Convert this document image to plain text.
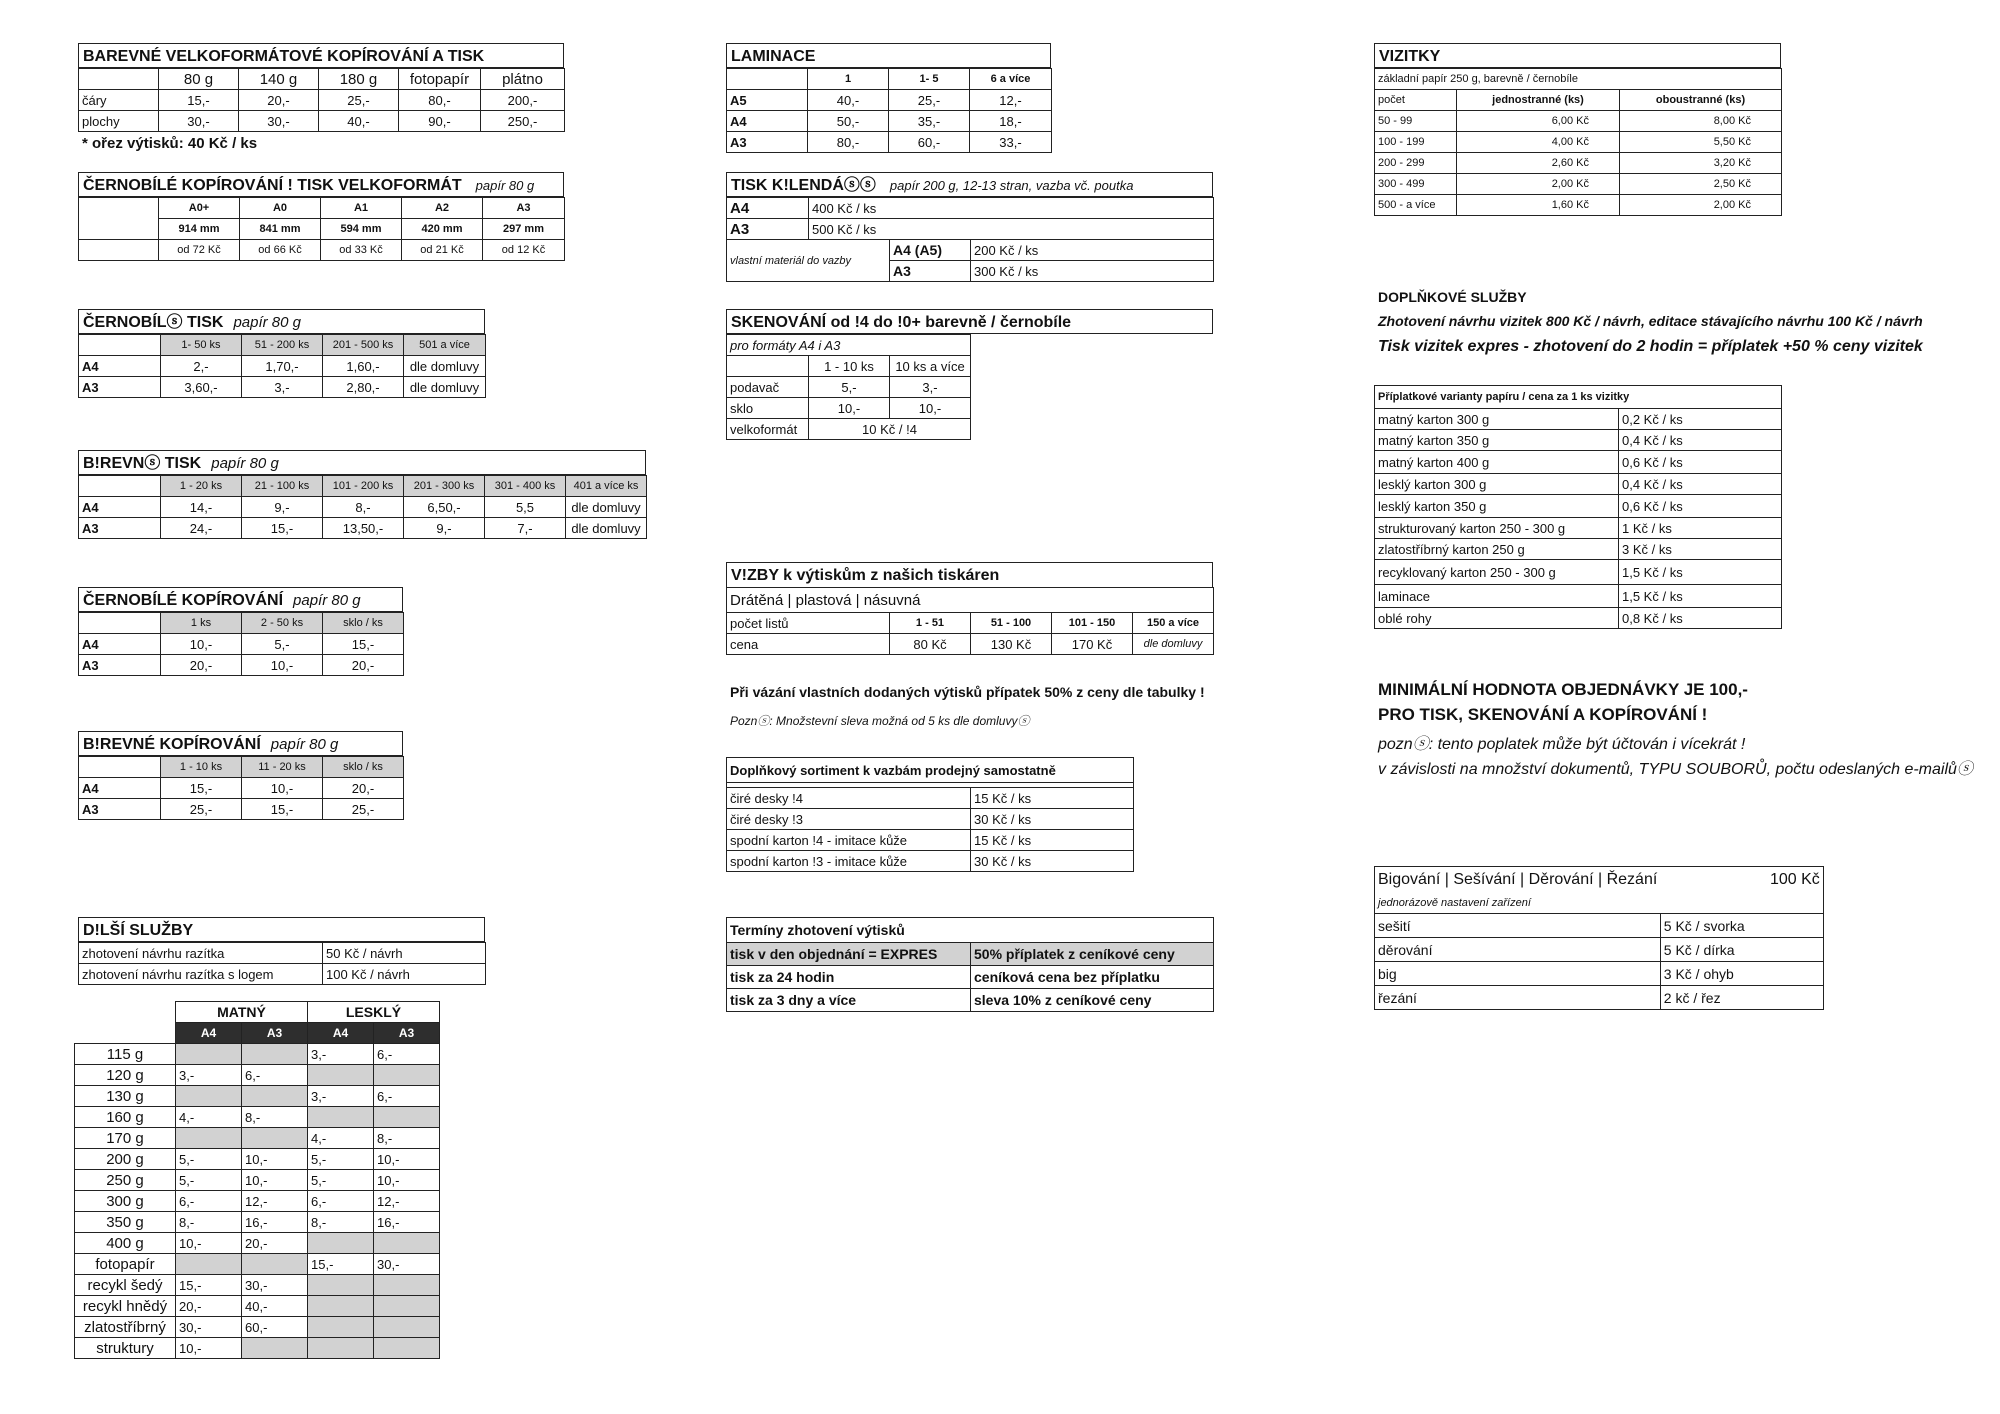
BAREVNÉ VELKOFORMÁTOVÉ KOPÍROVÁNÍ A TISK
	80 g	140 g	180 g	fotopapír	plátno
čáry	15,-	20,-	25,-	80,-	200,-
plochy	30,-	30,-	40,-	90,-	250,-
* ořez výtisků: 40 Kč / ks
ČERNOBÍLÉ KOPÍROVÁNÍ ! TISK VELKOFORMÁT papír 80 g
	A0+	A0	A1	A2	A3
	914 mm	841 mm	594 mm	420 mm	297 mm
	od 72 Kč	od 66 Kč	od 33 Kč	od 21 Kč	od 12 Kč
ČERNOBÍLⓢ TISK papír 80 g
	1- 50 ks	51 - 200 ks	201 - 500 ks	501 a více
A4	2,-	1,70,-	1,60,-	dle domluvy
A3	3,60,-	3,-	2,80,-	dle domluvy
B!REVNⓢ TISK papír 80 g
	1 - 20 ks	21 - 100 ks	101 - 200 ks	201 - 300 ks	301 - 400 ks	401 a více ks
A4	14,-	9,-	8,-	6,50,-	5,5	dle domluvy
A3	24,-	15,-	13,50,-	9,-	7,-	dle domluvy
ČERNOBÍLÉ KOPÍROVÁNÍ papír 80 g
	1 ks	2 - 50 ks	sklo / ks
A4	10,-	5,-	15,-
A3	20,-	10,-	20,-
B!REVNÉ KOPÍROVÁNÍ papír 80 g
	1 - 10 ks	11 - 20 ks	sklo / ks
A4	15,-	10,-	20,-
A3	25,-	15,-	25,-
D!LŠÍ SLUŽBY
zhotovení návrhu razítka	50 Kč / návrh
zhotovení návrhu razítka s logem	100 Kč / návrh
	MATNÝ		LESKLÝ	
	A4	A3	A4	A3
115 g			3,-	6,-
120 g	3,-	6,-		
130 g			3,-	6,-
160 g	4,-	8,-		
170 g			4,-	8,-
200 g	5,-	10,-	5,-	10,-
250 g	5,-	10,-	5,-	10,-
300 g	6,-	12,-	6,-	12,-
350 g	8,-	16,-	8,-	16,-
400 g	10,-	20,-		
fotopapír			15,-	30,-
recykl šedý	15,-	30,-		
recykl hnědý	20,-	40,-		
zlatostříbrný	30,-	60,-		
struktury	10,-			
LAMINACE
	1	1- 5	6 a více
A5	40,-	25,-	12,-
A4	50,-	35,-	18,-
A3	80,-	60,-	33,-
TISK K!LENDÁⓢⓢ papír 200 g, 12-13 stran, vazba vč. poutka
A4	400 Kč / ks		
A3	500 Kč / ks		
vlastní materiál do vazby		A4 (A5)	200 Kč / ks
		A3	300 Kč / ks
SKENOVÁNÍ od !4 do !0+ barevně / černobíle
pro formáty A4 i A3		
	1 - 10 ks	10 ks a více
podavač	5,-	3,-
sklo	10,-	10,-
velkoformát	10 Kč / !4	
V!ZBY k výtiskům z našich tiskáren
Drátěná | plastová | násuvná				
počet listů	1 - 51	51 - 100	101 - 150	150 a více
cena	80 Kč	130 Kč	170 Kč	dle domluvy
Při vázání vlastních dodaných výtisků přípatek 50% z ceny dle tabulky !
Poznⓢ: Množstevní sleva možná od 5 ks dle domluvyⓢ
Doplňkový sortiment k vazbám prodejný samostatně	

čiré desky !4	15 Kč / ks
čiré desky !3	30 Kč / ks
spodní karton !4 - imitace kůže	15 Kč / ks
spodní karton !3 - imitace kůže	30 Kč / ks
Termíny zhotovení výtisků	
tisk v den objednání = EXPRES	50% příplatek z ceníkové ceny
tisk za 24 hodin	ceníková cena bez příplatku
tisk za 3 dny a více	sleva 10% z ceníkové ceny
VIZITKY
základní papír 250 g, barevně / černobíle		
počet	jednostranné (ks)	oboustranné (ks)
50 - 99	6,00 Kč	8,00 Kč
100 - 199	4,00 Kč	5,50 Kč
200 - 299	2,60 Kč	3,20 Kč
300 - 499	2,00 Kč	2,50 Kč
500 - a více	1,60 Kč	2,00 Kč
DOPLŇKOVÉ SLUŽBY
Zhotovení návrhu vizitek 800 Kč / návrh, editace stávajícího návrhu 100 Kč / návrh
Tisk vizitek expres - zhotovení do 2 hodin = příplatek +50 % ceny vizitek
Příplatkové varianty papíru / cena za 1 ks vizitky	
matný karton 300 g	0,2 Kč / ks
matný karton 350 g	0,4 Kč / ks
matný karton 400 g	0,6 Kč / ks
lesklý karton 300 g	0,4 Kč / ks
lesklý karton 350 g	0,6 Kč / ks
strukturovaný karton 250 - 300 g	1 Kč / ks
zlatostříbrný karton 250 g	3 Kč / ks
recyklovaný karton 250 - 300 g	1,5 Kč / ks
laminace	1,5 Kč / ks
oblé rohy	0,8 Kč / ks
MINIMÁLNÍ HODNOTA OBJEDNÁVKY JE 100,-
PRO TISK, SKENOVÁNÍ A KOPÍROVÁNÍ !
poznⓢ: tento poplatek může být účtován i vícekrát !
v závislosti na množství dokumentů, TYPU SOUBORŮ, počtu odeslaných e-mailůⓢ
Bigování | Sešívání | Děrování | Řezání	100 Kč
jednorázově nastavení zařízení	
sešití	5 Kč / svorka
děrování	5 Kč / dírka
big	3 Kč / ohyb
řezání	2 kč / řez
